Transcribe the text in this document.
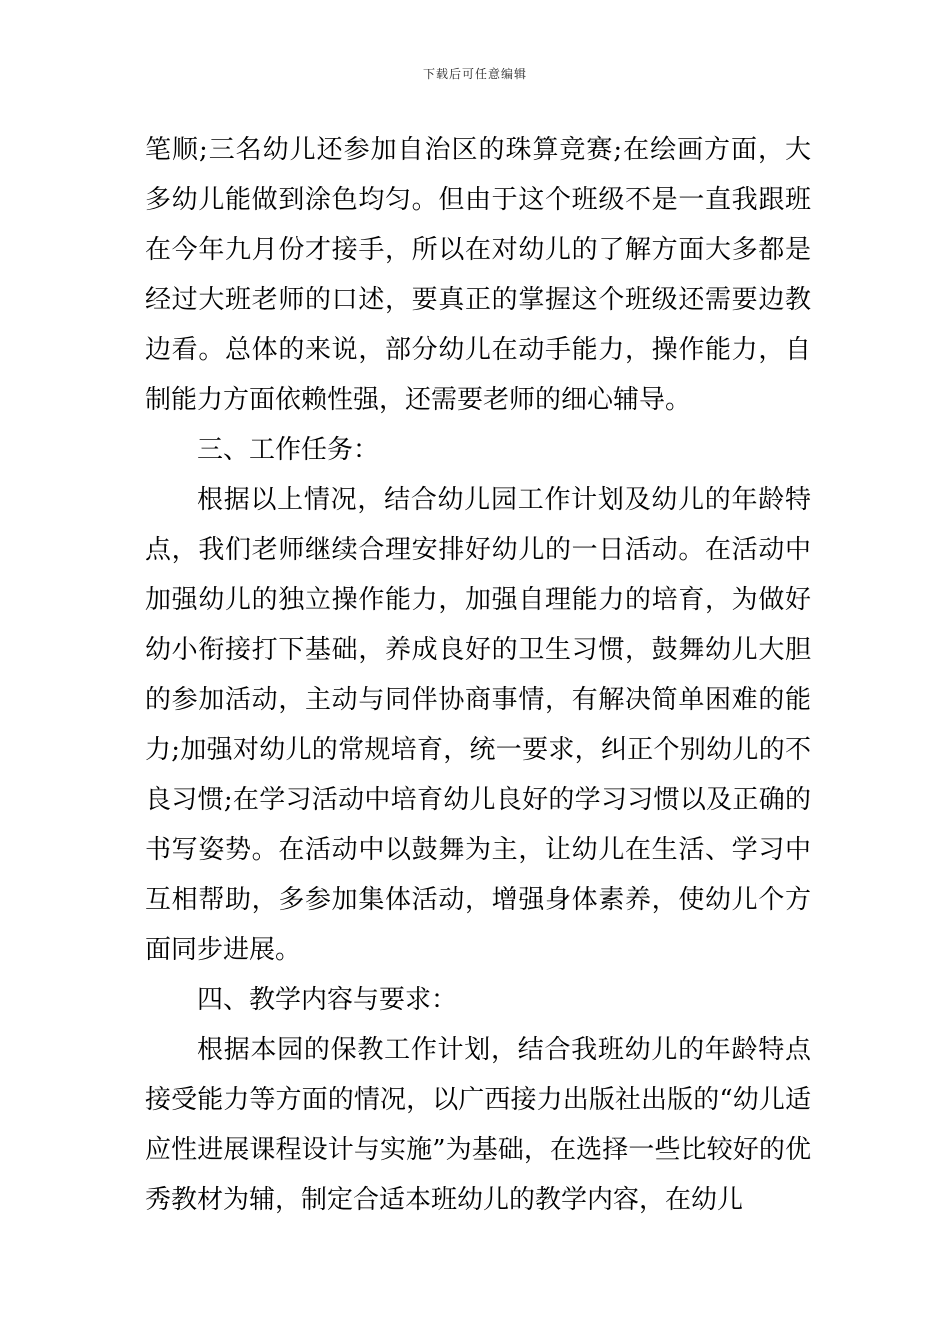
下载后可任意编辑

笔顺;三名幼儿还参加自治区的珠算竞赛;在绘画方面，大多幼儿能做到涂色均匀。但由于这个班级不是一直我跟班在今年九月份才接手，所以在对幼儿的了解方面大多都是经过大班老师的口述，要真正的掌握这个班级还需要边教边看。总体的来说，部分幼儿在动手能力，操作能力，自制能力方面依赖性强，还需要老师的细心辅导。

三、工作任务：

根据以上情况，结合幼儿园工作计划及幼儿的年龄特点，我们老师继续合理安排好幼儿的一日活动。在活动中加强幼儿的独立操作能力，加强自理能力的培育，为做好幼小衔接打下基础，养成良好的卫生习惯，鼓舞幼儿大胆的参加活动，主动与同伴协商事情，有解决简单困难的能力;加强对幼儿的常规培育，统一要求，纠正个别幼儿的不良习惯;在学习活动中培育幼儿良好的学习习惯以及正确的书写姿势。在活动中以鼓舞为主，让幼儿在生活、学习中互相帮助，多参加集体活动，增强身体素养，使幼儿个方面同步进展。

四、教学内容与要求：

根据本园的保教工作计划，结合我班幼儿的年龄特点接受能力等方面的情况，以广西接力出版社出版的“幼儿适应性进展课程设计与实施”为基础，在选择一些比较好的优秀教材为辅，制定合适本班幼儿的教学内容，在幼儿
